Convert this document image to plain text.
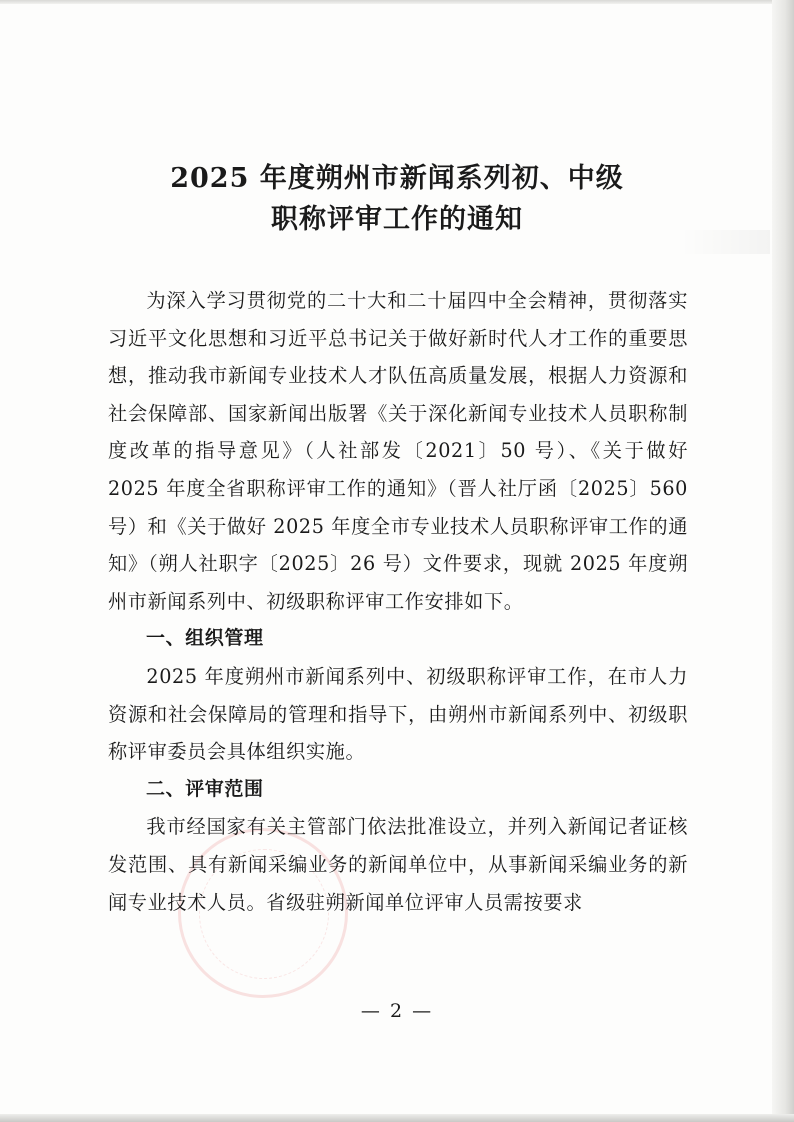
2025 年度朔州市新闻系列初、中级
职称评审工作的通知

为深入学习贯彻党的二十大和二十届四中全会精神，贯彻落实习近平文化思想和习近平总书记关于做好新时代人才工作的重要思想，推动我市新闻专业技术人才队伍高质量发展，根据人力资源和社会保障部、国家新闻出版署《关于深化新闻专业技术人员职称制度改革的指导意见》（人社部发〔2021〕50 号）、《关于做好 2025 年度全省职称评审工作的通知》（晋人社厅函〔2025〕560 号）和《关于做好 2025 年度全市专业技术人员职称评审工作的通知》（朔人社职字〔2025〕26 号）文件要求，现就 2025 年度朔州市新闻系列中、初级职称评审工作安排如下。

一、组织管理

2025 年度朔州市新闻系列中、初级职称评审工作，在市人力资源和社会保障局的管理和指导下，由朔州市新闻系列中、初级职称评审委员会具体组织实施。

二、评审范围

我市经国家有关主管部门依法批准设立，并列入新闻记者证核发范围、具有新闻采编业务的新闻单位中，从事新闻采编业务的新闻专业技术人员。省级驻朔新闻单位评审人员需按要求

— 2 —
